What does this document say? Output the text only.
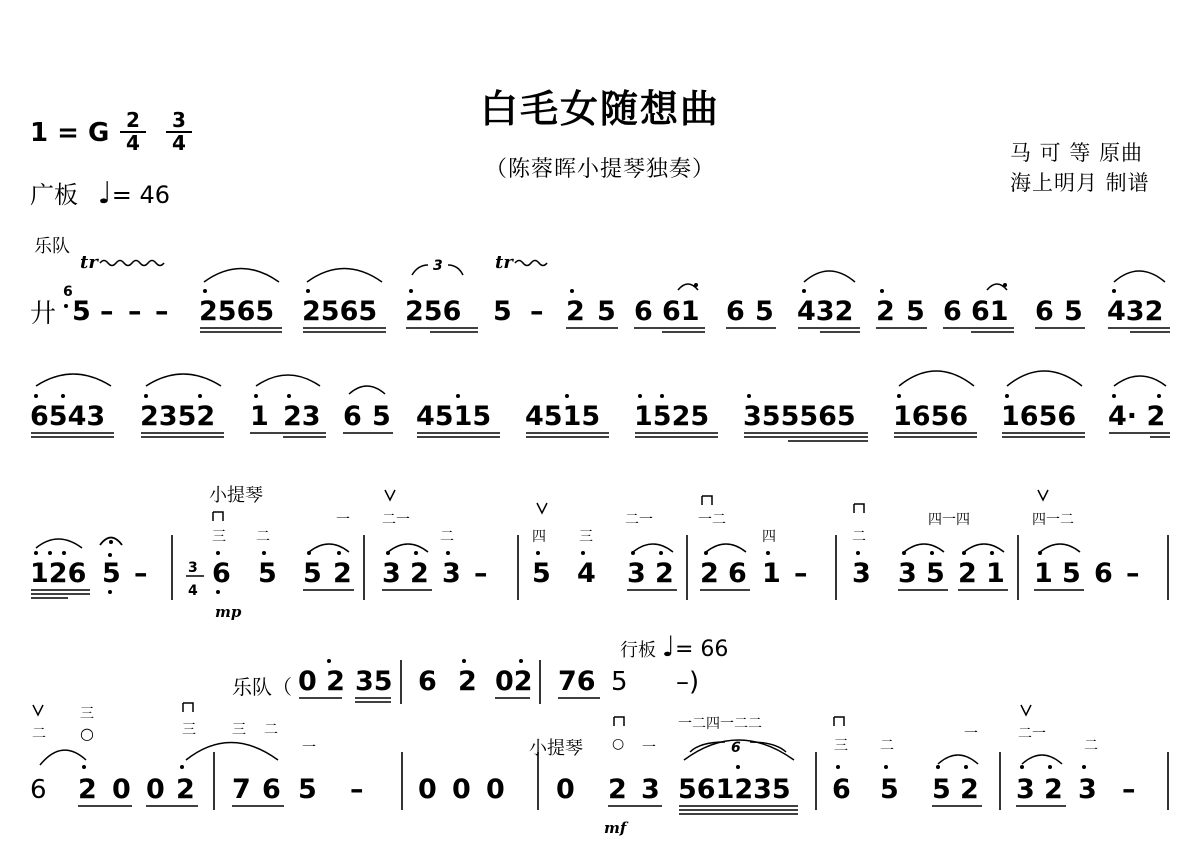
白毛女随想曲
（陈蓉晖小提琴独奏）
1 = G 2
4
3
4
广板 ♩= 46
马 可 等 原曲
海上明月 制谱
乐队
小提琴
行板 ♩= 66
乐队（
小提琴
廾
6
5 – – –
tr
2565 2565 256
3
5
tr
– 2 5 6 61 6 5 432 2 5 6 61 6 5 432
6543 2352 1 23 6 5 4515 4515 1525 355565 1656 1656 4· 2
126 5 –	3
4
6
mp
5 5 2 3 2 3 – 5 4 3 2 2 6 1 – 3 3 5 2 1 1 5 6 –
三 二
一 二一
二	四 三
二一	一二
四	二
四一四	四一二
0 2 35 6 2 02 76 5 –)
6 2 0 0 2 7 6 5 – 0 0 0 0 2 3
mf
561235
6
6 5 5 2 3 2 3 –
二
三
○	三	三 二
一	○ 一
一二四一二二
三 二
一	二一
二
